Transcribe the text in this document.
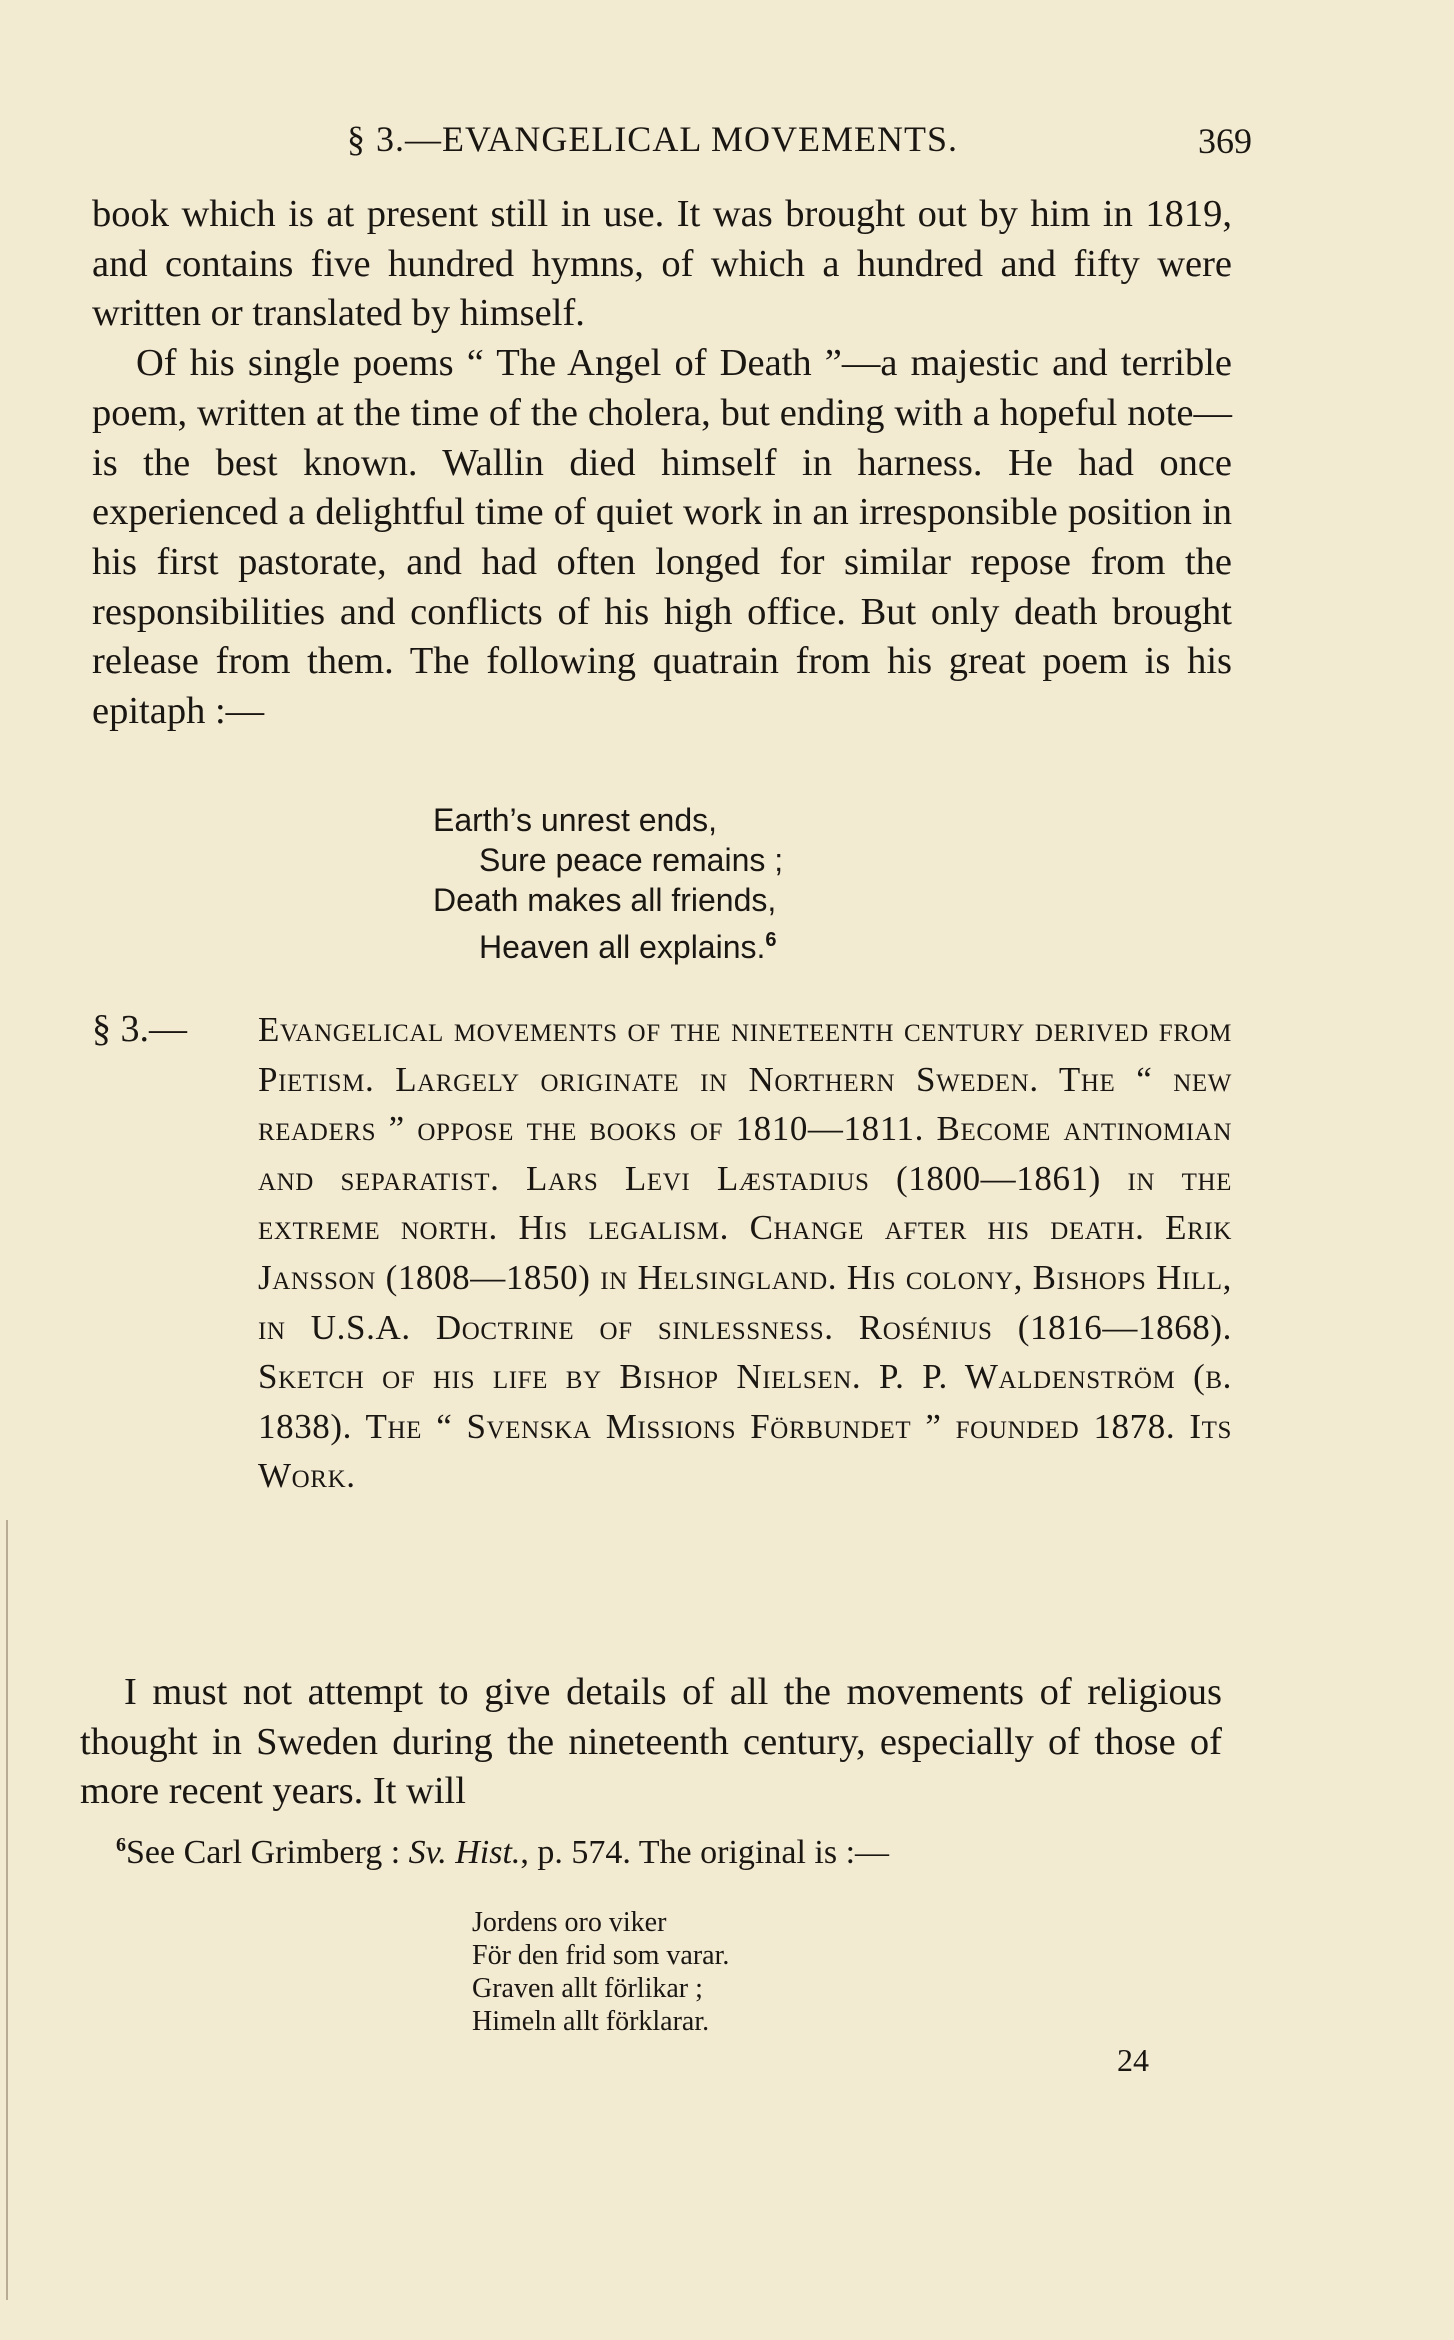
§ 3.—EVANGELICAL MOVEMENTS.	369

book which is at present still in use. It was brought out by him in 1819, and contains five hundred hymns, of which a hundred and fifty were written or translated by himself.

Of his single poems “ The Angel of Death ”—a majestic and terrible poem, written at the time of the cholera, but ending with a hopeful note—is the best known. Wallin died himself in harness. He had once experienced a delightful time of quiet work in an irresponsible position in his first pastorate, and had often longed for similar repose from the responsibilities and conflicts of his high office. But only death brought release from them. The following quatrain from his great poem is his epitaph :—

Earth’s unrest ends,
Sure peace remains ;
Death makes all friends,
Heaven all explains.$^6$
§ 3.—	Evangelical movements of the nineteenth century derived from Pietism. Largely originate in Northern Sweden. The “ new readers ” oppose the books of 1810—1811. Become antinomian and separatist. Lars Levi Læstadius (1800—1861) in the extreme north. His legalism. Change after his death. Erik Jansson (1808—1850) in Helsingland. His colony, Bishops Hill, in U.S.A. Doctrine of sinlessness. Rosénius (1816—1868). Sketch of his life by Bishop Nielsen. P. P. Waldenström (b. 1838). The “ Svenska Missions Förbundet ” founded 1878. Its Work.

I must not attempt to give details of all the movements of religious thought in Sweden during the nineteenth century, especially of those of more recent years. It will

$^6$See Carl Grimberg : Sv. Hist., p. 574. The original is :—
Jordens oro viker
För den frid som varar.
Graven allt förlikar ;
Himeln allt förklarar.
24
